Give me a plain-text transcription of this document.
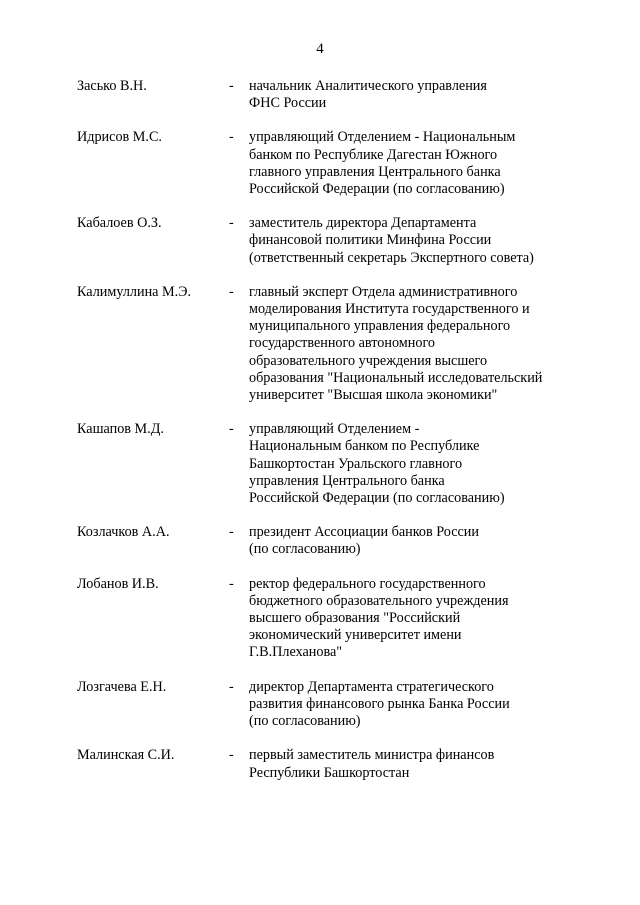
4
Засько В.Н.	- начальник Аналитического управления
ФНС России
Идрисов М.С.	- управляющий Отделением - Национальным
банком по Республике Дагестан Южного
главного управления Центрального банка
Российской Федерации (по согласованию)
Кабалоев О.З.	- заместитель директора Департамента
финансовой политики Минфина России
(ответственный секретарь Экспертного совета)
Калимуллина М.Э.	- главный эксперт Отдела административного
моделирования Института государственного и
муниципального управления федерального
государственного автономного
образовательного учреждения высшего
образования "Национальный исследовательский
университет "Высшая школа экономики"
Кашапов М.Д.	- управляющий Отделением -
Национальным банком по Республике
Башкортостан Уральского главного
управления Центрального банка
Российской Федерации (по согласованию)
Козлачков А.А.	- президент Ассоциации банков России
(по согласованию)
Лобанов И.В.	- ректор федерального государственного
бюджетного образовательного учреждения
высшего образования "Российский
экономический университет имени
Г.В.Плеханова"
Лозгачева Е.Н.	- директор Департамента стратегического
развития финансового рынка Банка России
(по согласованию)
Малинская С.И.	- первый заместитель министра финансов
Республики Башкортостан
